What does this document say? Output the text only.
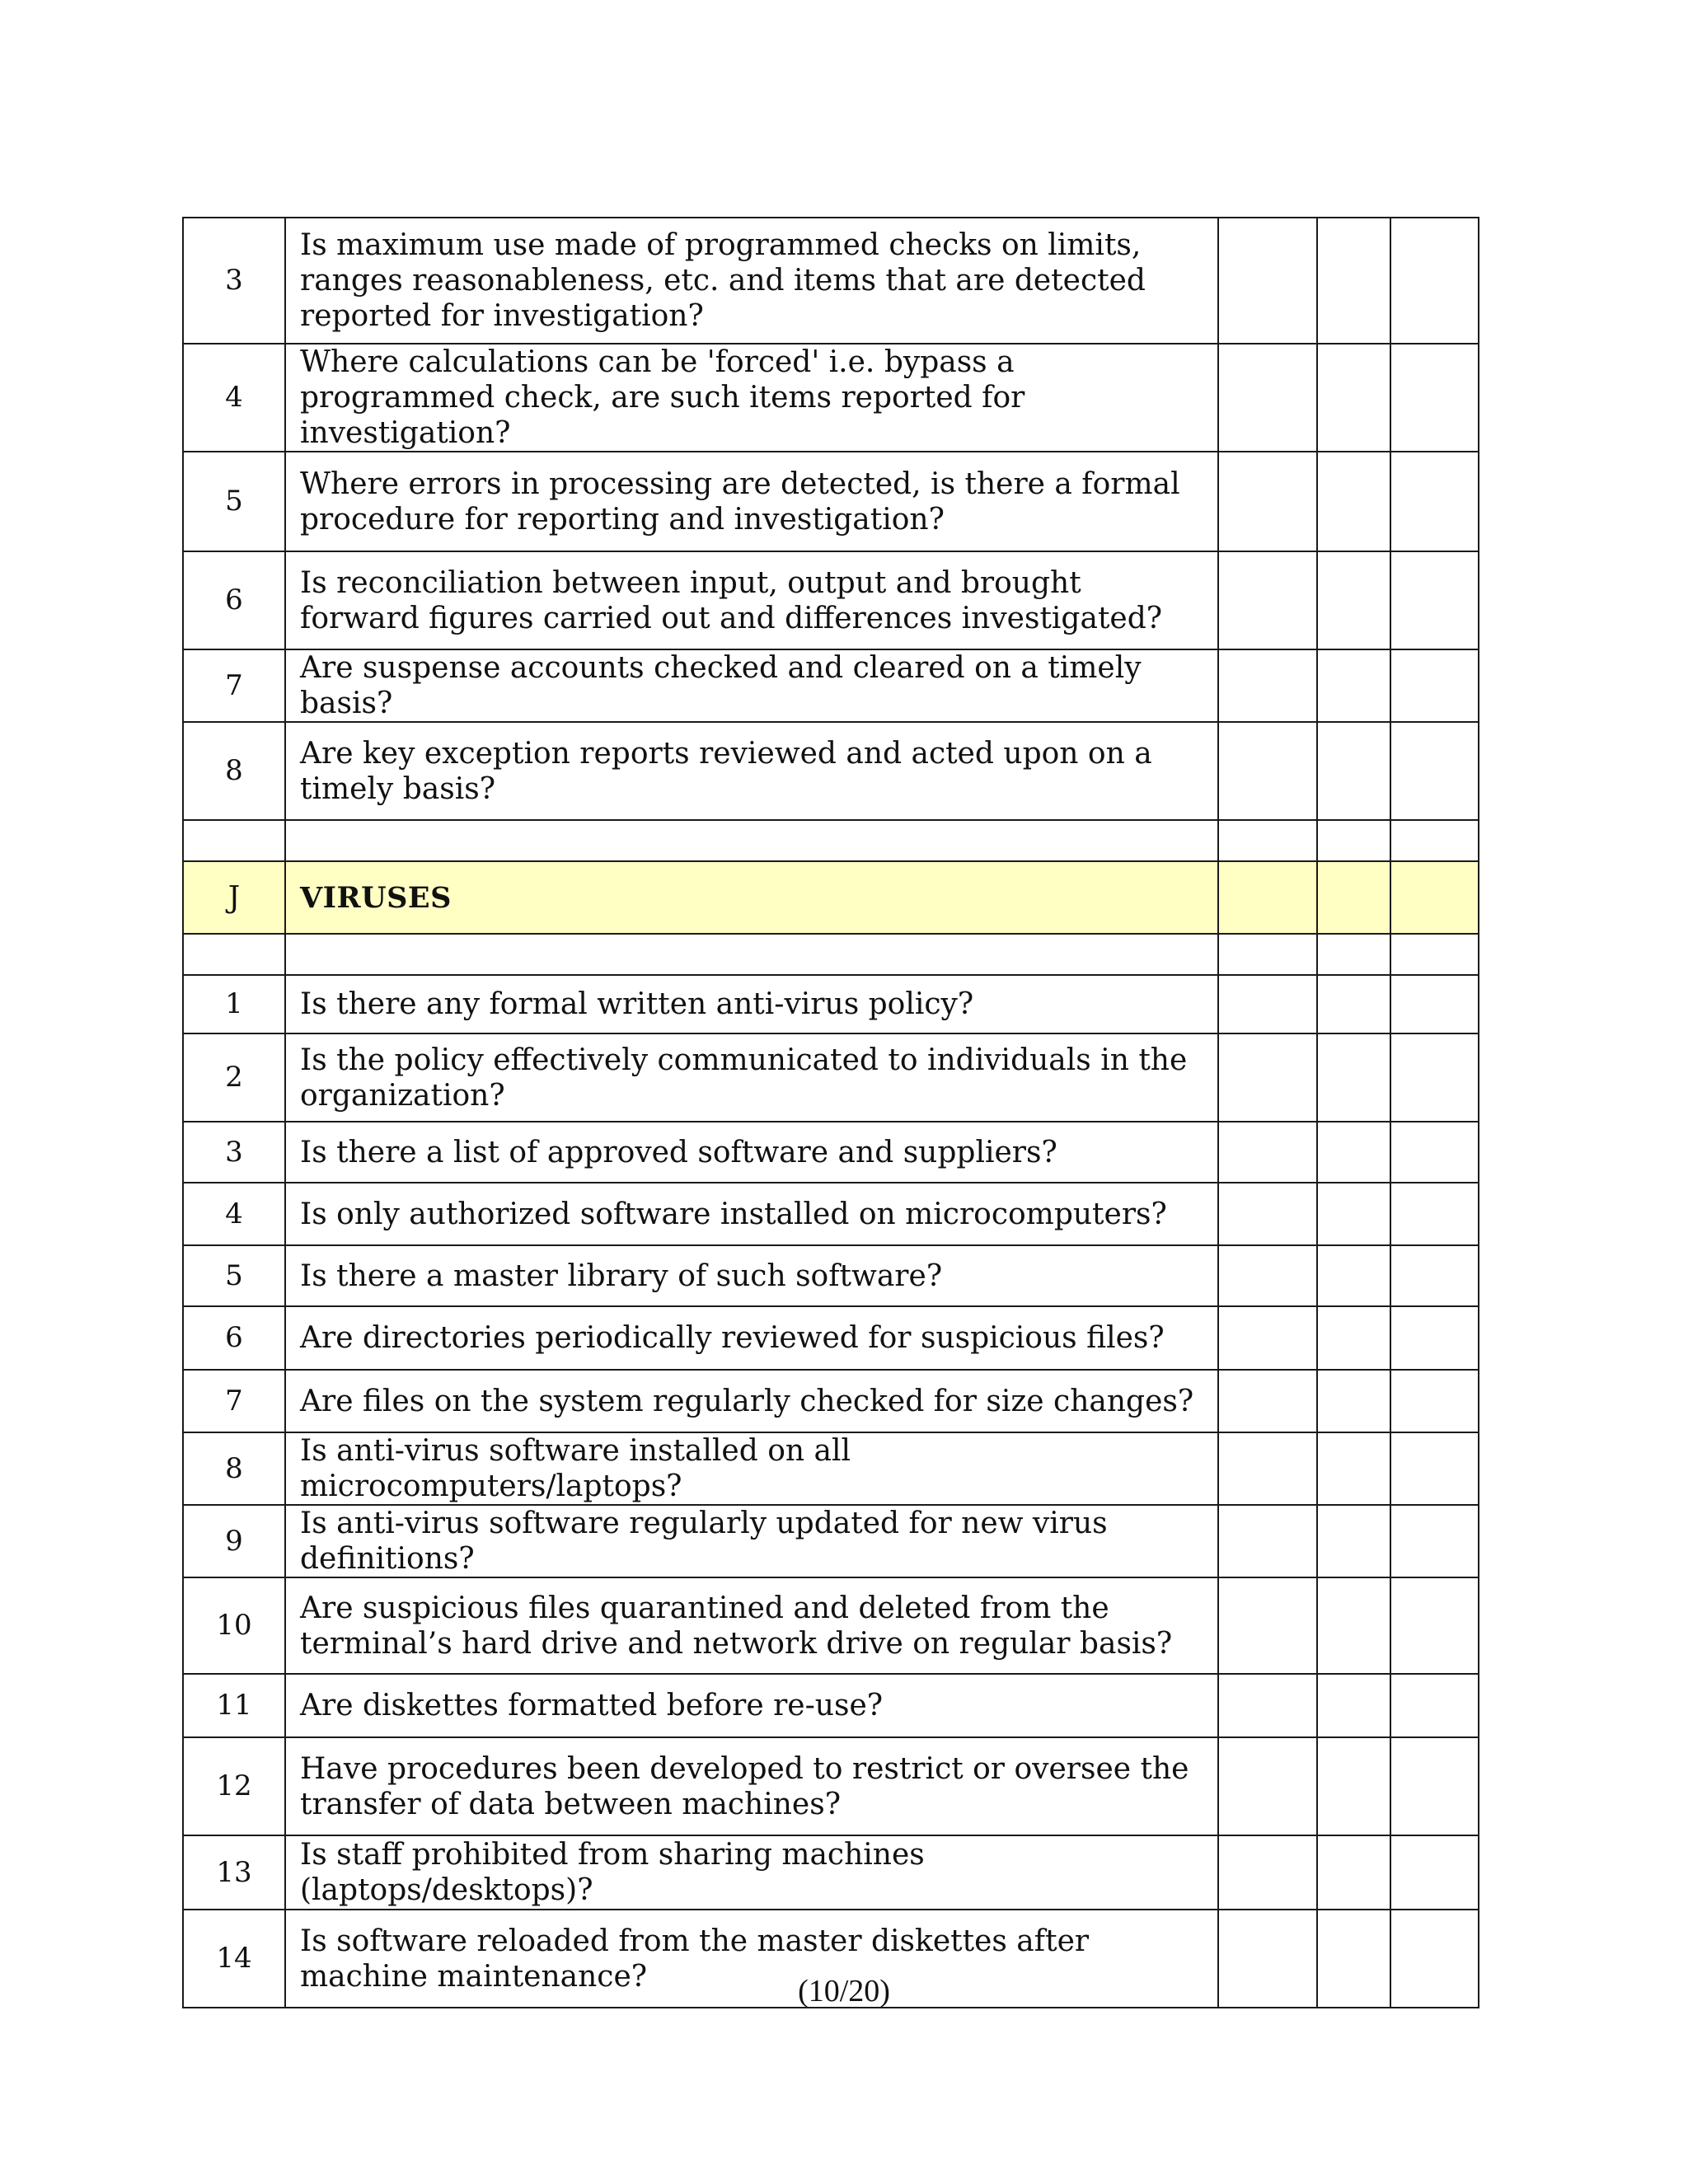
3	Is maximum use made of programmed checks on limits, ranges reasonableness, etc. and items that are detected reported for investigation?			
4	Where calculations can be 'forced' i.e. bypass a programmed check, are such items reported for investigation?			
5	Where errors in processing are detected, is there a formal procedure for reporting and investigation?			
6	Is reconciliation between input, output and brought forward figures carried out and differences investigated?			
7	Are suspense accounts checked and cleared on a timely basis?			
8	Are key exception reports reviewed and acted upon on a timely basis?			

J	VIRUSES			

1	Is there any formal written anti-virus policy?			
2	Is the policy effectively communicated to individuals in the organization?			
3	Is there a list of approved software and suppliers?			
4	Is only authorized software installed on microcomputers?			
5	Is there a master library of such software?			
6	Are directories periodically reviewed for suspicious files?			
7	Are files on the system regularly checked for size changes?			
8	Is anti-virus software installed on all microcomputers/laptops?			
9	Is anti-virus software regularly updated for new virus definitions?			
10	Are suspicious files quarantined and deleted from the terminal’s hard drive and network drive on regular basis?			
11	Are diskettes formatted before re-use?			
12	Have procedures been developed to restrict or oversee the transfer of data between machines?			
13	Is staff prohibited from sharing machines (laptops/desktops)?			
14	Is software reloaded from the master diskettes after machine maintenance?				(10/20)
